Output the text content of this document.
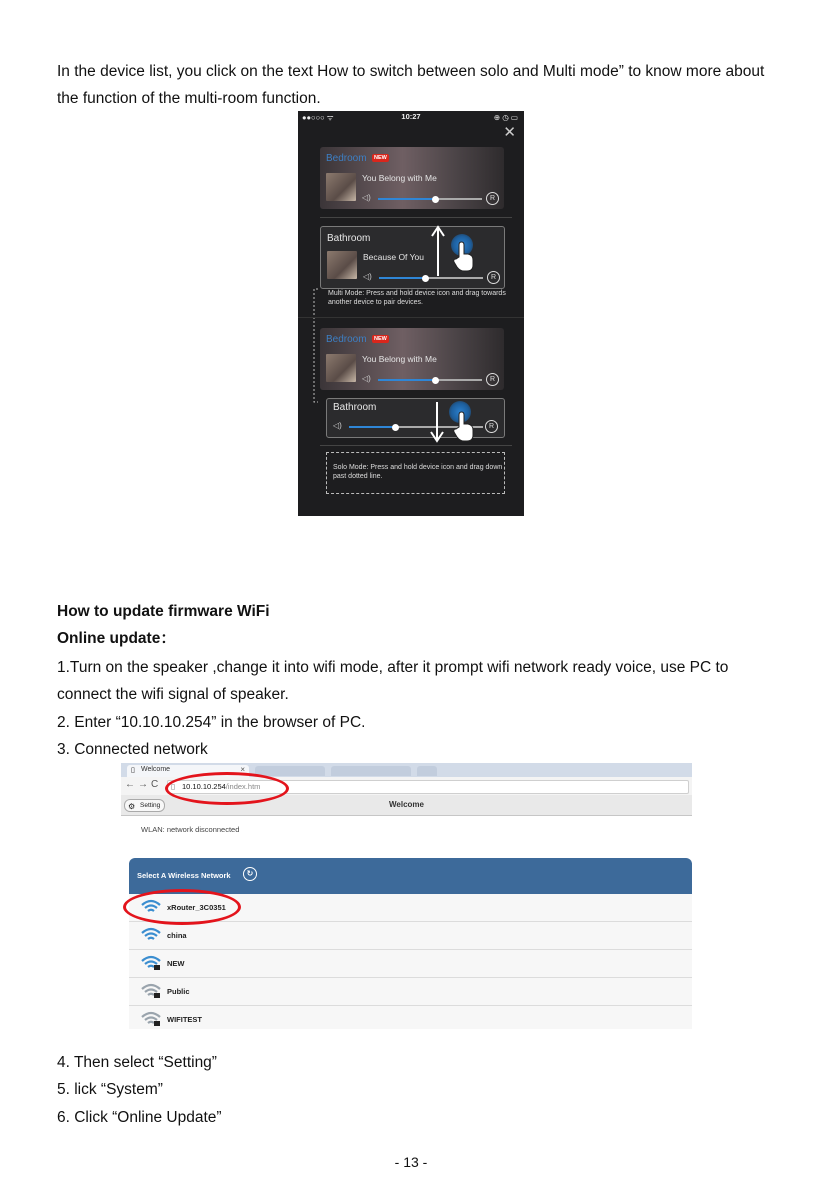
In the device list, you click on the text How to switch between solo and Multi mode” to know more about the function of the multi-room function.

●●○○○ ᯤ	10:27	⊕ ◷ ▭
✕
Bedroom	NEW
You Belong with Me
◁)	R
Bathroom
Because Of You
◁)	R
Multi Mode: Press and hold device icon and drag towards another device to pair devices.
Bedroom	NEW
You Belong with Me
◁)	R
Bathroom
◁)	R
Solo Mode: Press and hold device icon and drag down past dotted line.
How to update firmware WiFi
Online update：

1.Turn on the speaker ,change it into wifi mode, after it prompt wifi network ready voice, use PC to connect the wifi signal of speaker.

2. Enter “10.10.10.254” in the browser of PC.
3. Connected network
▯ Welcome	×
←→C ▯ 10.10.10.254/index.htm
⚙ Setting	Welcome
WLAN: network disconnected
Select A Wireless Network	↻
xRouter_3C0351
china
NEW
Public
WIFITEST
4. Then select “Setting”
5. lick “System”
6. Click “Online Update”
- 13 -
